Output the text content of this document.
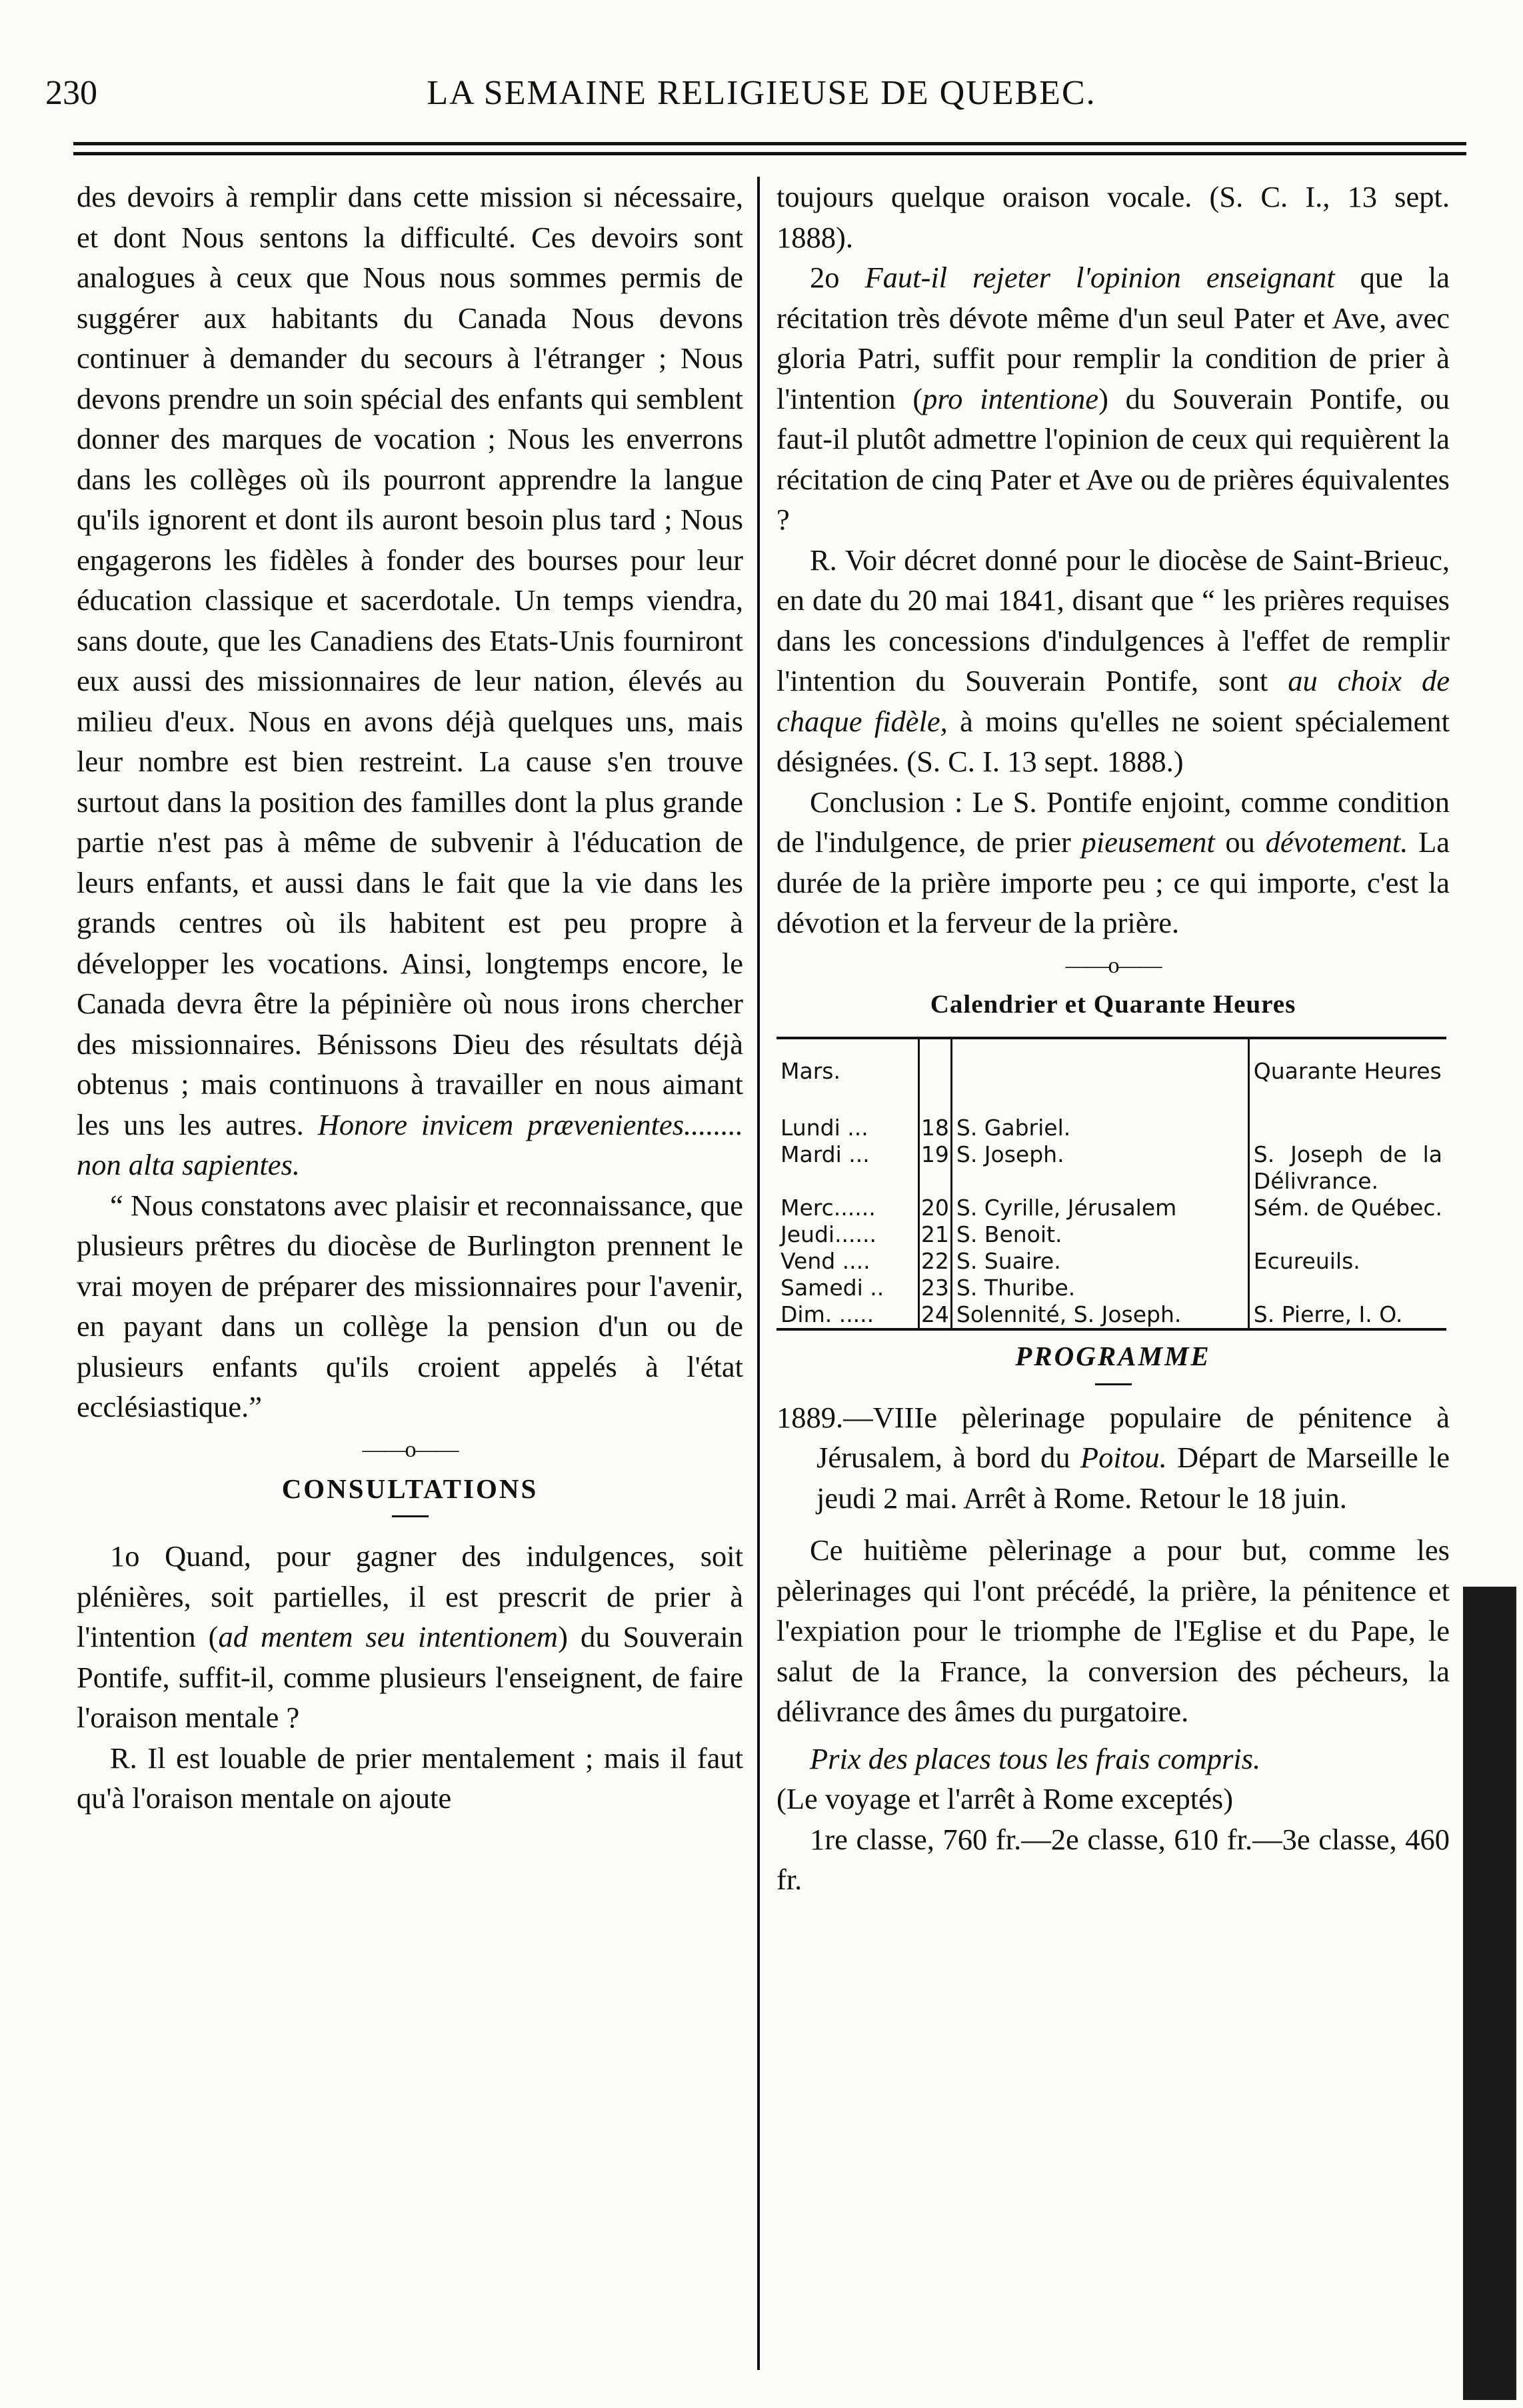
230	LA SEMAINE RELIGIEUSE DE QUEBEC.

des devoirs à remplir dans cette mission si nécessaire, et dont Nous sentons la difficulté. Ces devoirs sont analogues à ceux que Nous nous sommes permis de suggérer aux habitants du Canada Nous devons continuer à demander du secours à l'étranger ; Nous devons prendre un soin spécial des enfants qui semblent donner des marques de vocation ; Nous les enverrons dans les collèges où ils pourront apprendre la langue qu'ils ignorent et dont ils auront besoin plus tard ; Nous engagerons les fidèles à fonder des bourses pour leur éducation classique et sacerdotale. Un temps viendra, sans doute, que les Canadiens des Etats-Unis fourniront eux aussi des missionnaires de leur nation, élevés au milieu d'eux. Nous en avons déjà quelques uns, mais leur nombre est bien restreint. La cause s'en trouve surtout dans la position des familles dont la plus grande partie n'est pas à même de subvenir à l'éducation de leurs enfants, et aussi dans le fait que la vie dans les grands centres où ils habitent est peu propre à développer les vocations. Ainsi, longtemps encore, le Canada devra être la pépinière où nous irons chercher des missionnaires. Bénissons Dieu des résultats déjà obtenus ; mais continuons à travailler en nous aimant les uns les autres. Honore invicem prævenientes........ non alta sapientes.

“ Nous constatons avec plaisir et reconnaissance, que plusieurs prêtres du diocèse de Burlington prennent le vrai moyen de préparer des missionnaires pour l'avenir, en payant dans un collège la pension d'un ou de plusieurs enfants qu'ils croient appelés à l'état ecclésiastique.”

——o——
CONSULTATIONS

1o Quand, pour gagner des indulgences, soit plénières, soit partielles, il est prescrit de prier à l'intention (ad mentem seu intentionem) du Souverain Pontife, suffit-il, comme plusieurs l'enseignent, de faire l'oraison mentale ?

R. Il est louable de prier mentalement ; mais il faut qu'à l'oraison mentale on ajoute

toujours quelque oraison vocale. (S. C. I., 13 sept. 1888).

2o Faut-il rejeter l'opinion enseignant que la récitation très dévote même d'un seul Pater et Ave, avec gloria Patri, suffit pour remplir la condition de prier à l'intention (pro intentione) du Souverain Pontife, ou faut-il plutôt admettre l'opinion de ceux qui requièrent la récitation de cinq Pater et Ave ou de prières équivalentes ?

R. Voir décret donné pour le diocèse de Saint-Brieuc, en date du 20 mai 1841, disant que “ les prières requises dans les concessions d'indulgences à l'effet de remplir l'intention du Souverain Pontife, sont au choix de chaque fidèle, à moins qu'elles ne soient spécialement désignées. (S. C. I. 13 sept. 1888.)

Conclusion : Le S. Pontife enjoint, comme condition de l'indulgence, de prier pieusement ou dévotement. La durée de la prière importe peu ; ce qui importe, c'est la dévotion et la ferveur de la prière.

——o——
Calendrier et Quarante Heures
Mars.			Quarante Heures

Lundi ...	18	S. Gabriel.	
Mardi ...	19	S. Joseph.	S. Joseph de la Délivrance.
Merc......	20	S. Cyrille, Jérusalem	Sém. de Québec.
Jeudi......	21	S. Benoit.	
Vend ....	22	S. Suaire.	Ecureuils.
Samedi ..	23	S. Thuribe.	
Dim. .....	24	Solennité, S. Joseph.	S. Pierre, I. O.
PROGRAMME

1889.—VIIIe pèlerinage populaire de pénitence à Jérusalem, à bord du Poitou. Départ de Marseille le jeudi 2 mai. Arrêt à Rome. Retour le 18 juin.

Ce huitième pèlerinage a pour but, comme les pèlerinages qui l'ont précédé, la prière, la pénitence et l'expiation pour le triomphe de l'Eglise et du Pape, le salut de la France, la conversion des pécheurs, la délivrance des âmes du purgatoire.

Prix des places tous les frais compris.

(Le voyage et l'arrêt à Rome exceptés)

1re classe, 760 fr.—2e classe, 610 fr.—3e classe, 460 fr.
